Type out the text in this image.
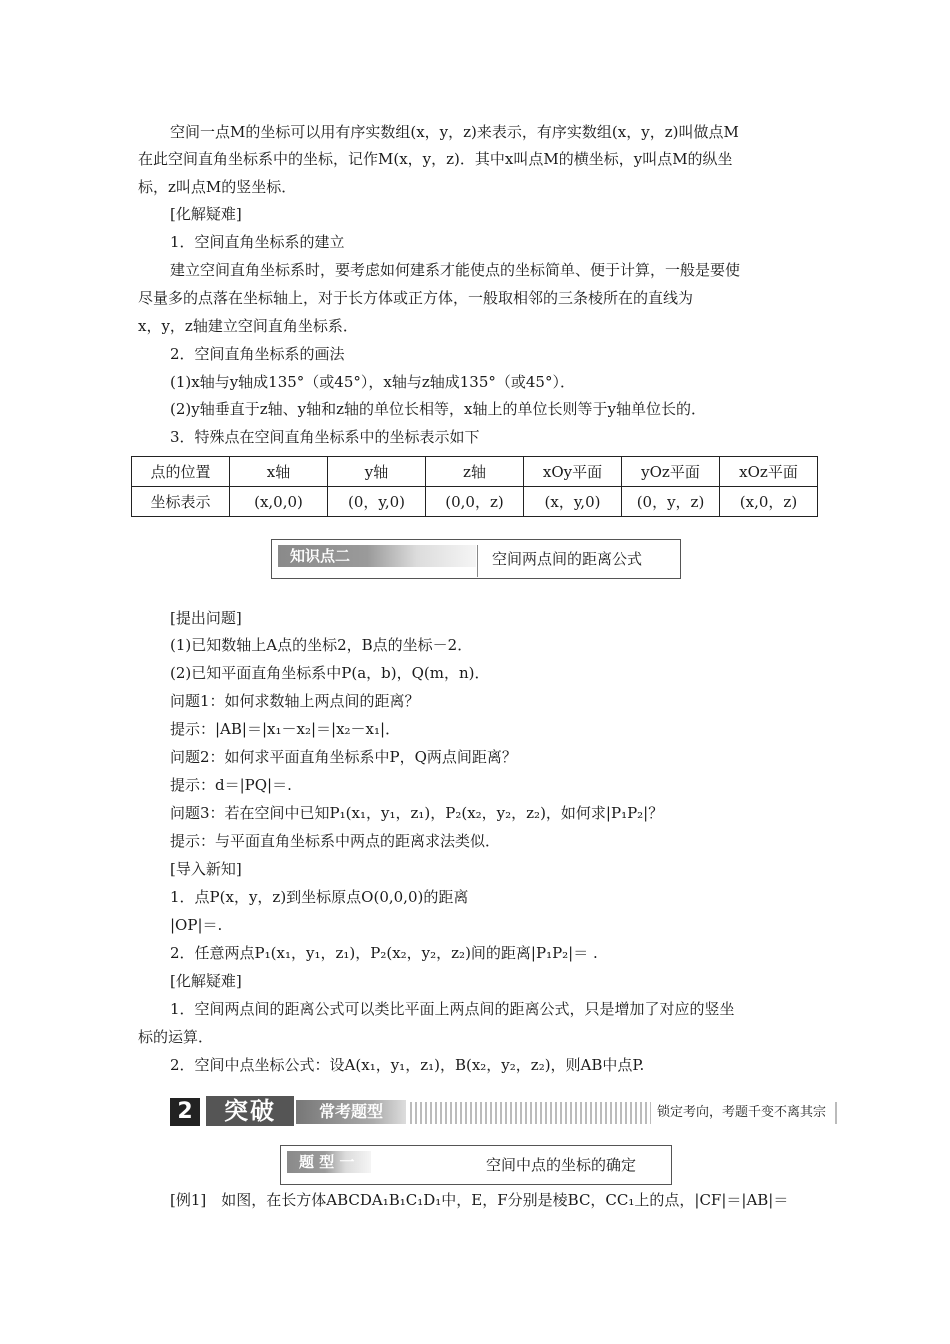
空间一点M的坐标可以用有序实数组(x，y，z)来表示，有序实数组(x，y，z)叫做点M
在此空间直角坐标系中的坐标，记作M(x，y，z)．其中x叫点M的横坐标，y叫点M的纵坐
标，z叫点M的竖坐标．
[化解疑难]
1．空间直角坐标系的建立
建立空间直角坐标系时，要考虑如何建系才能使点的坐标简单、便于计算，一般是要使
尽量多的点落在坐标轴上，对于长方体或正方体，一般取相邻的三条棱所在的直线为
x，y，z轴建立空间直角坐标系．
2．空间直角坐标系的画法
(1)x轴与y轴成135°（或45°），x轴与z轴成135°（或45°）．
(2)y轴垂直于z轴、y轴和z轴的单位长相等，x轴上的单位长则等于y轴单位长的．
3．特殊点在空间直角坐标系中的坐标表示如下
点的位置	x轴	y轴	z轴	xOy平面	yOz平面	xOz平面
坐标表示	(x,0,0)	(0，y,0)	(0,0，z)	(x，y,0)	(0，y，z)	(x,0，z)
知识点二	空间两点间的距离公式
[提出问题]
(1)已知数轴上A点的坐标2，B点的坐标－2．
(2)已知平面直角坐标系中P(a，b)，Q(m，n)．
问题1：如何求数轴上两点间的距离？
提示：|AB|＝|x₁－x₂|＝|x₂－x₁|．
问题2：如何求平面直角坐标系中P，Q两点间距离？
提示：d＝|PQ|＝.
问题3：若在空间中已知P₁(x₁，y₁，z₁)，P₂(x₂，y₂，z₂)，如何求|P₁P₂|？
提示：与平面直角坐标系中两点的距离求法类似．
[导入新知]
1．点P(x，y，z)到坐标原点O(0,0,0)的距离
|OP|＝.
2．任意两点P₁(x₁，y₁，z₁)，P₂(x₂，y₂，z₂)间的距离|P₁P₂|＝ .
[化解疑难]
1．空间两点间的距离公式可以类比平面上两点间的距离公式，只是增加了对应的竖坐
标的运算．
2．空间中点坐标公式：设A(x₁，y₁，z₁)，B(x₂，y₂，z₂)，则AB中点P.
2	突破	常考题型	锁定考向，考题千变不离其宗
题 型 一	空间中点的坐标的确定
[例1]　如图，在长方体ABCDA₁B₁C₁D₁中，E，F分别是棱BC，CC₁上的点，|CF|＝|AB|＝
